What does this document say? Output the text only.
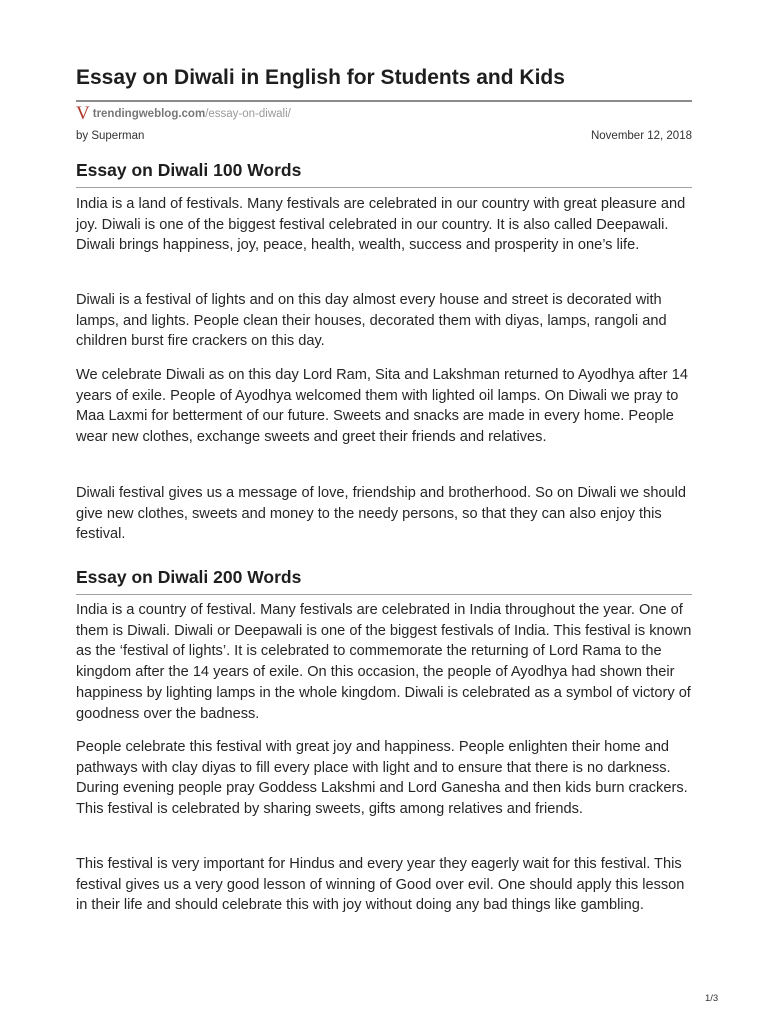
Essay on Diwali in English for Students and Kids
V trendingweblog.com /essay-on-diwali/
by Superman	November 12, 2018
Essay on Diwali 100 Words

India is a land of festivals. Many festivals are celebrated in our country with great pleasure and joy. Diwali is one of the biggest festival celebrated in our country. It is also called Deepawali. Diwali brings happiness, joy, peace, health, wealth, success and prosperity in one’s life.

Diwali is a festival of lights and on this day almost every house and street is decorated with lamps, and lights. People clean their houses, decorated them with diyas, lamps, rangoli and children burst fire crackers on this day.

We celebrate Diwali as on this day Lord Ram, Sita and Lakshman returned to Ayodhya after 14 years of exile. People of Ayodhya welcomed them with lighted oil lamps. On Diwali we pray to Maa Laxmi for betterment of our future. Sweets and snacks are made in every home. People wear new clothes, exchange sweets and greet their friends and relatives.

Diwali festival gives us a message of love, friendship and brotherhood. So on Diwali we should give new clothes, sweets and money to the needy persons, so that they can also enjoy this festival.

Essay on Diwali 200 Words

India is a country of festival. Many festivals are celebrated in India throughout the year. One of them is Diwali. Diwali or Deepawali is one of the biggest festivals of India. This festival is known as the ‘festival of lights’. It is celebrated to commemorate the returning of Lord Rama to the kingdom after the 14 years of exile. On this occasion, the people of Ayodhya had shown their happiness by lighting lamps in the whole kingdom. Diwali is celebrated as a symbol of victory of goodness over the badness.

People celebrate this festival with great joy and happiness. People enlighten their home and pathways with clay diyas to fill every place with light and to ensure that there is no darkness. During evening people pray Goddess Lakshmi and Lord Ganesha and then kids burn crackers. This festival is celebrated by sharing sweets, gifts among relatives and friends.

This festival is very important for Hindus and every year they eagerly wait for this festival. This festival gives us a very good lesson of winning of Good over evil. One should apply this lesson in their life and should celebrate this with joy without doing any bad things like gambling.

1/3
